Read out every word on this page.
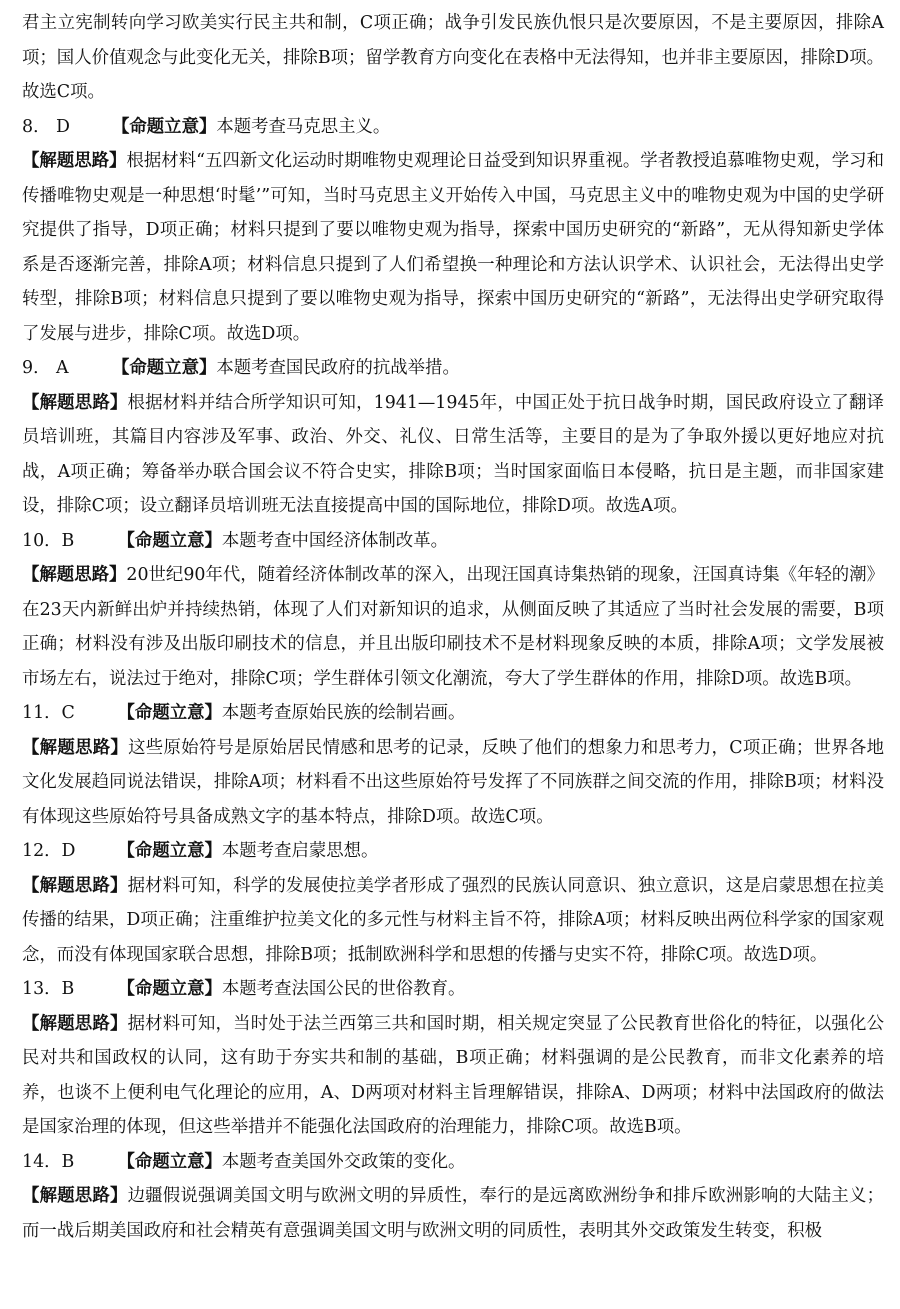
君主立宪制转向学习欧美实行民主共和制，C项正确；战争引发民族仇恨只是次要原因，不是主要原因，排除A项；国人价值观念与此变化无关，排除B项；留学教育方向变化在表格中无法得知，也并非主要原因，排除D项。故选C项。

8． D 【命题立意】本题考查马克思主义。

【解题思路】根据材料“五四新文化运动时期唯物史观理论日益受到知识界重视。学者教授追慕唯物史观，学习和传播唯物史观是一种思想‘时髦’”可知，当时马克思主义开始传入中国，马克思主义中的唯物史观为中国的史学研究提供了指导，D项正确；材料只提到了要以唯物史观为指导，探索中国历史研究的“新路”，无从得知新史学体系是否逐渐完善，排除A项；材料信息只提到了人们希望换一种理论和方法认识学术、认识社会，无法得出史学转型，排除B项；材料信息只提到了要以唯物史观为指导，探索中国历史研究的“新路”，无法得出史学研究取得了发展与进步，排除C项。故选D项。

9． A 【命题立意】本题考查国民政府的抗战举措。

【解题思路】根据材料并结合所学知识可知，1941—1945年，中国正处于抗日战争时期，国民政府设立了翻译员培训班，其篇目内容涉及军事、政治、外交、礼仪、日常生活等，主要目的是为了争取外援以更好地应对抗战，A项正确；筹备举办联合国会议不符合史实，排除B项；当时国家面临日本侵略，抗日是主题，而非国家建设，排除C项；设立翻译员培训班无法直接提高中国的国际地位，排除D项。故选A项。

10．B 【命题立意】本题考查中国经济体制改革。

【解题思路】20世纪90年代，随着经济体制改革的深入，出现汪国真诗集热销的现象，汪国真诗集《年轻的潮》在23天内新鲜出炉并持续热销，体现了人们对新知识的追求，从侧面反映了其适应了当时社会发展的需要，B项正确；材料没有涉及出版印刷技术的信息，并且出版印刷技术不是材料现象反映的本质，排除A项；文学发展被市场左右，说法过于绝对，排除C项；学生群体引领文化潮流，夸大了学生群体的作用，排除D项。故选B项。

11．C 【命题立意】本题考查原始民族的绘制岩画。

【解题思路】这些原始符号是原始居民情感和思考的记录，反映了他们的想象力和思考力，C项正确；世界各地文化发展趋同说法错误，排除A项；材料看不出这些原始符号发挥了不同族群之间交流的作用，排除B项；材料没有体现这些原始符号具备成熟文字的基本特点，排除D项。故选C项。

12．D 【命题立意】本题考查启蒙思想。

【解题思路】据材料可知，科学的发展使拉美学者形成了强烈的民族认同意识、独立意识，这是启蒙思想在拉美传播的结果，D项正确；注重维护拉美文化的多元性与材料主旨不符，排除A项；材料反映出两位科学家的国家观念，而没有体现国家联合思想，排除B项；抵制欧洲科学和思想的传播与史实不符，排除C项。故选D项。

13．B 【命题立意】本题考查法国公民的世俗教育。

【解题思路】据材料可知，当时处于法兰西第三共和国时期，相关规定突显了公民教育世俗化的特征，以强化公民对共和国政权的认同，这有助于夯实共和制的基础，B项正确；材料强调的是公民教育，而非文化素养的培养，也谈不上便利电气化理论的应用，A、D两项对材料主旨理解错误，排除A、D两项；材料中法国政府的做法是国家治理的体现，但这些举措并不能强化法国政府的治理能力，排除C项。故选B项。

14．B 【命题立意】本题考查美国外交政策的变化。

【解题思路】边疆假说强调美国文明与欧洲文明的异质性，奉行的是远离欧洲纷争和排斥欧洲影响的大陆主义；而一战后期美国政府和社会精英有意强调美国文明与欧洲文明的同质性，表明其外交政策发生转变，积极
